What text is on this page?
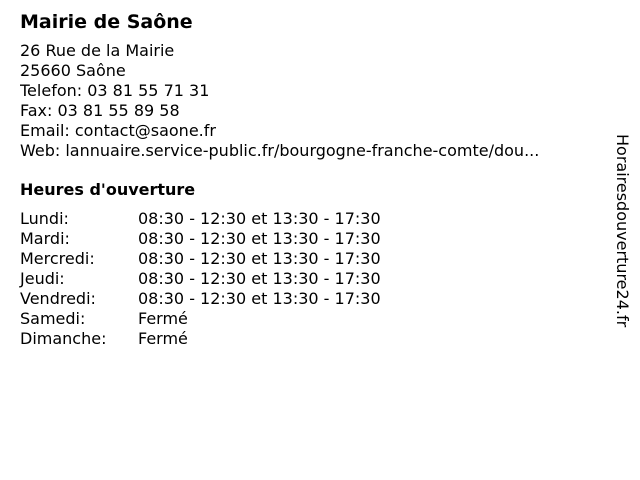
Mairie de Saône
26 Rue de la Mairie
25660 Saône
Telefon: 03 81 55 71 31
Fax: 03 81 55 89 58
Email: contact@saone.fr
Web: lannuaire.service-public.fr/bourgogne-franche-comte/dou...
Heures d'ouverture
Lundi:	08:30 - 12:30 et 13:30 - 17:30
Mardi:	08:30 - 12:30 et 13:30 - 17:30
Mercredi:	08:30 - 12:30 et 13:30 - 17:30
Jeudi:	08:30 - 12:30 et 13:30 - 17:30
Vendredi:	08:30 - 12:30 et 13:30 - 17:30
Samedi:	Fermé
Dimanche:	Fermé
Horairesdouverture24.fr
